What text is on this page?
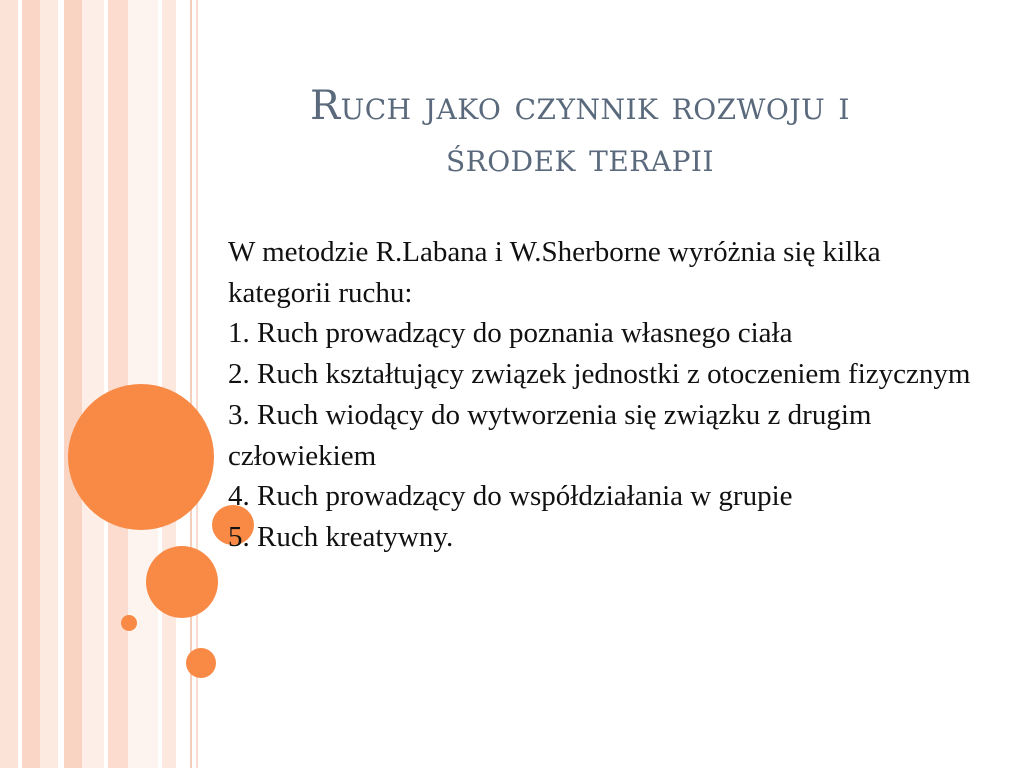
Ruch jako czynnik rozwoju i
środek terapii

W metodzie R.Labana i W.Sherborne wyróżnia się kilka kategorii ruchu:

1. Ruch prowadzący do poznania własnego ciała

2. Ruch kształtujący związek jednostki z otoczeniem fizycznym

3. Ruch wiodący do wytworzenia się związku z drugim człowiekiem

4. Ruch prowadzący do współdziałania w grupie

5. Ruch kreatywny.
